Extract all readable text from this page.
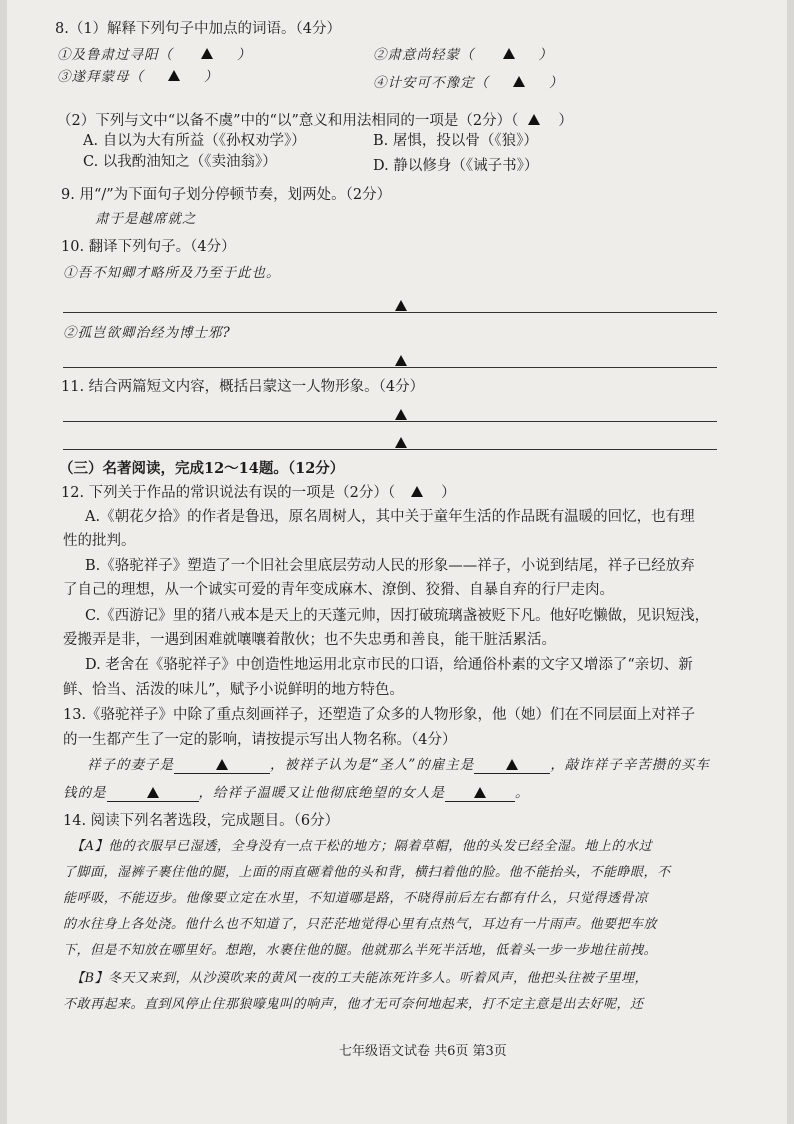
8.（1）解释下列句子中加点的词语。（4分）
①及鲁肃过寻阳（	）	②肃意尚轻蒙（	）
③遂拜蒙母（	）	④计安可不豫定（	）
（2）下列与文中“以备不虞”中的“以”意义和用法相同的一项是（2分）（	）
A. 自以为大有所益（《孙权劝学》）	B. 屠惧，投以骨（《狼》）
C. 以我酌油知之（《卖油翁》）	D. 静以修身（《诫子书》）
9. 用“/”为下面句子划分停顿节奏，划两处。（2分）
肃于是越席就之
10. 翻译下列句子。（4分）
①吾不知卿才略所及乃至于此也。
②孤岂欲卿治经为博士邪?
11. 结合两篇短文内容，概括吕蒙这一人物形象。（4分）
（三）名著阅读，完成12～14题。（12分）
12. 下列关于作品的常识说法有误的一项是（2分）（	）
A.《朝花夕拾》的作者是鲁迅，原名周树人，其中关于童年生活的作品既有温暖的回忆，也有理
性的批判。
B.《骆驼祥子》塑造了一个旧社会里底层劳动人民的形象——祥子，小说到结尾，祥子已经放弃
了自己的理想，从一个诚实可爱的青年变成麻木、潦倒、狡猾、自暴自弃的行尸走肉。
C.《西游记》里的猪八戒本是天上的天蓬元帅，因打破琉璃盏被贬下凡。他好吃懒做，见识短浅，
爱搬弄是非，一遇到困难就嚷嚷着散伙；也不失忠勇和善良，能干脏活累活。
D. 老舍在《骆驼祥子》中创造性地运用北京市民的口语，给通俗朴素的文字又增添了“亲切、新
鲜、恰当、活泼的味儿”，赋予小说鲜明的地方特色。
13.《骆驼祥子》中除了重点刻画祥子，还塑造了众多的人物形象，他（她）们在不同层面上对祥子
的一生都产生了一定的影响，请按提示写出人物名称。（4分）
祥子的妻子是	，被祥子认为是“圣人”的雇主是	，敲诈祥子辛苦攒的买车
钱的是	，给祥子温暖又让他彻底绝望的女人是	。
14. 阅读下列名著选段，完成题目。（6分）
【A】他的衣服早已湿透，全身没有一点干松的地方；隔着草帽，他的头发已经全湿。地上的水过
了脚面，湿裤子裹住他的腿，上面的雨直砸着他的头和背，横扫着他的脸。他不能抬头，不能睁眼，不
能呼吸，不能迈步。他像要立定在水里，不知道哪是路，不晓得前后左右都有什么，只觉得透骨凉
的水往身上各处浇。他什么也不知道了，只茫茫地觉得心里有点热气，耳边有一片雨声。他要把车放
下，但是不知放在哪里好。想跑，水裹住他的腿。他就那么半死半活地，低着头一步一步地往前拽。
【B】冬天又来到，从沙漠吹来的黄风一夜的工夫能冻死许多人。听着风声，他把头往被子里埋，
不敢再起来。直到风停止住那狼嚎鬼叫的响声，他才无可奈何地起来，打不定主意是出去好呢，还
七年级语文试卷 共6页 第3页
